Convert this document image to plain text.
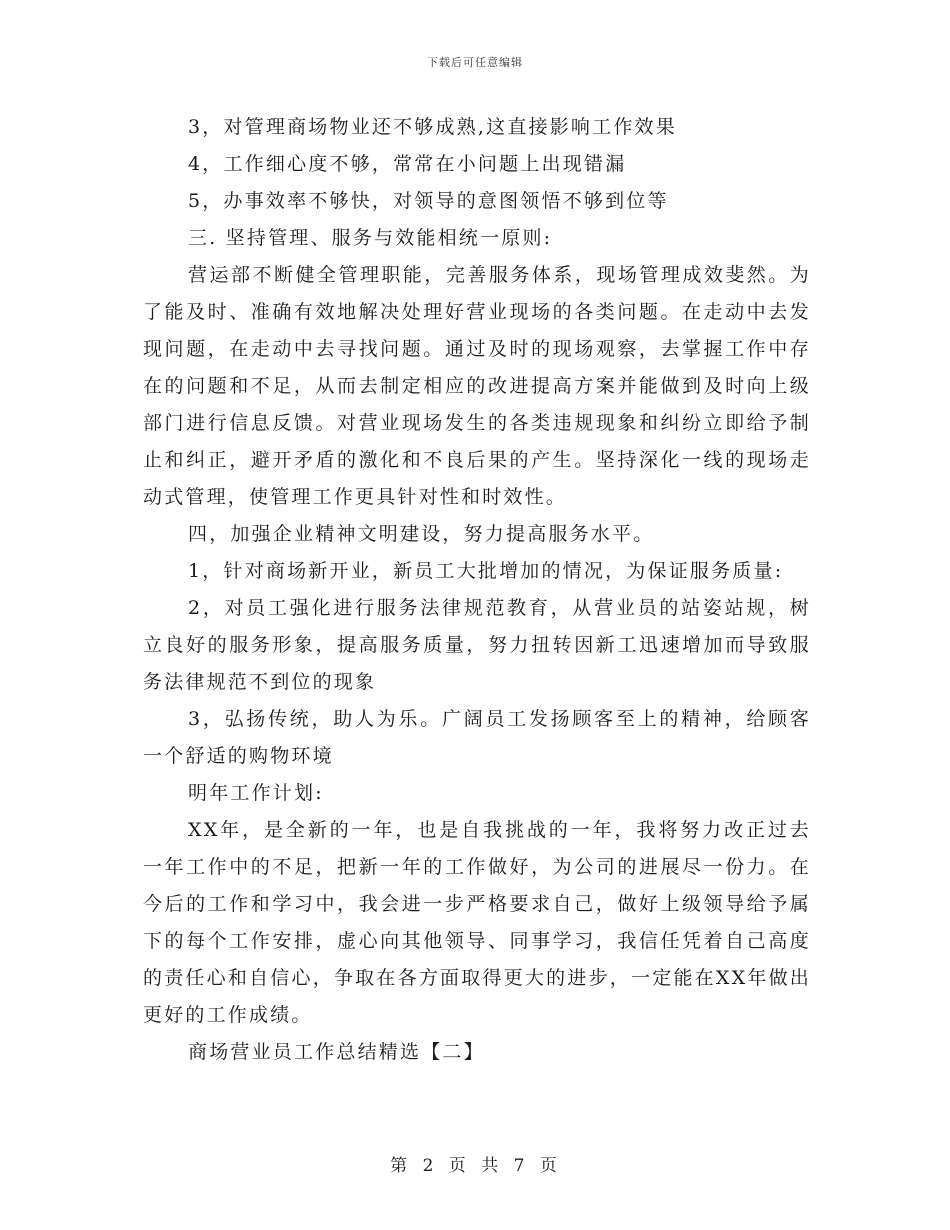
下载后可任意编辑

3，对管理商场物业还不够成熟,这直接影响工作效果

4，工作细心度不够，常常在小问题上出现错漏

5，办事效率不够快，对领导的意图领悟不够到位等

三. 坚持管理、服务与效能相统一原则:

营运部不断健全管理职能，完善服务体系，现场管理成效斐然。为了能及时、准确有效地解决处理好营业现场的各类问题。在走动中去发现问题，在走动中去寻找问题。通过及时的现场观察，去掌握工作中存在的问题和不足，从而去制定相应的改进提高方案并能做到及时向上级部门进行信息反馈。对营业现场发生的各类违规现象和纠纷立即给予制止和纠正，避开矛盾的激化和不良后果的产生。坚持深化一线的现场走动式管理，使管理工作更具针对性和时效性。

四，加强企业精神文明建设，努力提高服务水平。

1，针对商场新开业，新员工大批增加的情况，为保证服务质量:

2，对员工强化进行服务法律规范教育，从营业员的站姿站规，树立良好的服务形象，提高服务质量，努力扭转因新工迅速增加而导致服务法律规范不到位的现象

3，弘扬传统，助人为乐。广阔员工发扬顾客至上的精神，给顾客一个舒适的购物环境

明年工作计划:

XX年，是全新的一年，也是自我挑战的一年，我将努力改正过去一年工作中的不足，把新一年的工作做好，为公司的进展尽一份力。在今后的工作和学习中，我会进一步严格要求自己，做好上级领导给予属下的每个工作安排，虚心向其他领导、同事学习，我信任凭着自己高度的责任心和自信心，争取在各方面取得更大的进步，一定能在XX年做出更好的工作成绩。

商场营业员工作总结精选【二】

第 2 页 共 7 页
